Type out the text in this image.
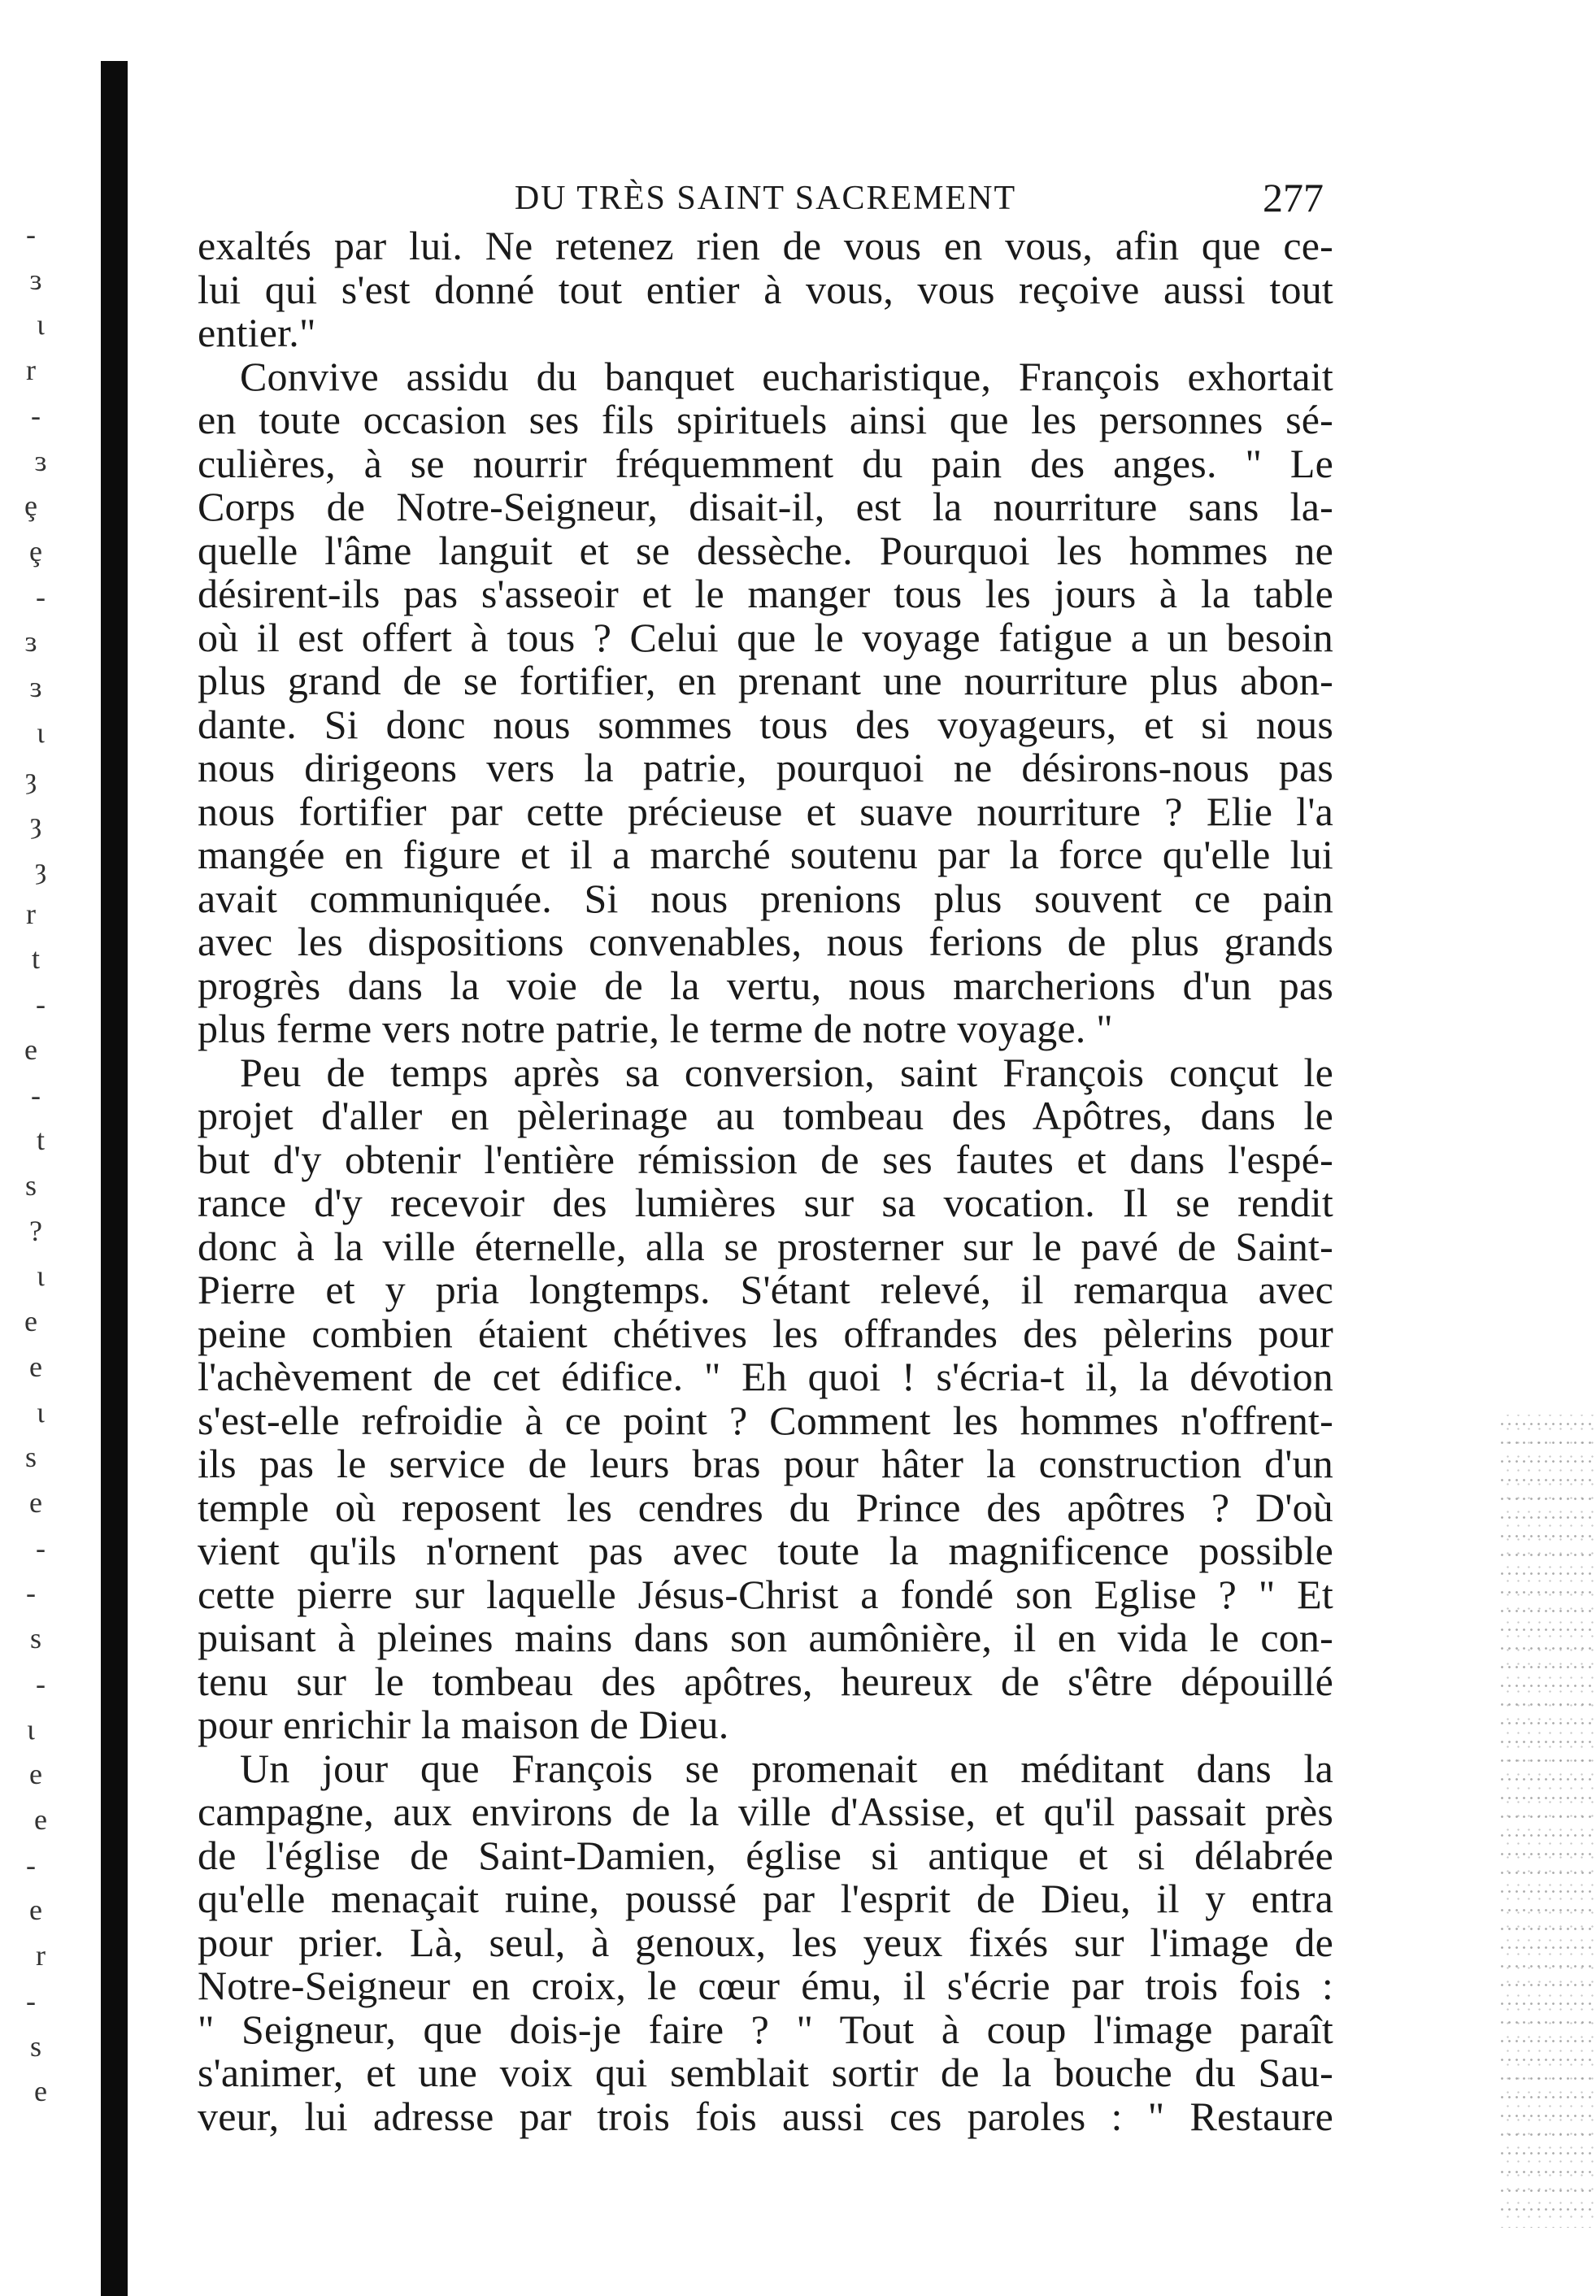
-
ɜ
ι
r
-
ɜ
ȩ
ȩ
-
ɜ
ɜ
ι
ȝ
ȝ
ȝ
r
t
-
e
-
t
s
?
ι
e
e
ι
s
e
-
-
s
-
ι
e
e
-
e
r
-
s
e
DU TRÈS SAINT SACREMENT	277
exaltés par lui. Ne retenez rien de vous en vous, afin que ce-
lui qui s'est donné tout entier à vous, vous reçoive aussi tout
entier."
Convive assidu du banquet eucharistique, François exhortait
en toute occasion ses fils spirituels ainsi que les personnes sé-
culières, à se nourrir fréquemment du pain des anges. " Le
Corps de Notre-Seigneur, disait-il, est la nourriture sans la-
quelle l'âme languit et se dessèche. Pourquoi les hommes ne
désirent-ils pas s'asseoir et le manger tous les jours à la table
où il est offert à tous ? Celui que le voyage fatigue a un besoin
plus grand de se fortifier, en prenant une nourriture plus abon-
dante. Si donc nous sommes tous des voyageurs, et si nous
nous dirigeons vers la patrie, pourquoi ne désirons-nous pas
nous fortifier par cette précieuse et suave nourriture ? Elie l'a
mangée en figure et il a marché soutenu par la force qu'elle lui
avait communiquée. Si nous prenions plus souvent ce pain
avec les dispositions convenables, nous ferions de plus grands
progrès dans la voie de la vertu, nous marcherions d'un pas
plus ferme vers notre patrie, le terme de notre voyage. "
Peu de temps après sa conversion, saint François conçut le
projet d'aller en pèlerinage au tombeau des Apôtres, dans le
but d'y obtenir l'entière rémission de ses fautes et dans l'espé-
rance d'y recevoir des lumières sur sa vocation. Il se rendit
donc à la ville éternelle, alla se prosterner sur le pavé de Saint-
Pierre et y pria longtemps. S'étant relevé, il remarqua avec
peine combien étaient chétives les offrandes des pèlerins pour
l'achèvement de cet édifice. " Eh quoi ! s'écria-t il, la dévotion
s'est-elle refroidie à ce point ? Comment les hommes n'offrent-
ils pas le service de leurs bras pour hâter la construction d'un
temple où reposent les cendres du Prince des apôtres ? D'où
vient qu'ils n'ornent pas avec toute la magnificence possible
cette pierre sur laquelle Jésus-Christ a fondé son Eglise ? " Et
puisant à pleines mains dans son aumônière, il en vida le con-
tenu sur le tombeau des apôtres, heureux de s'être dépouillé
pour enrichir la maison de Dieu.
Un jour que François se promenait en méditant dans la
campagne, aux environs de la ville d'Assise, et qu'il passait près
de l'église de Saint-Damien, église si antique et si délabrée
qu'elle menaçait ruine, poussé par l'esprit de Dieu, il y entra
pour prier. Là, seul, à genoux, les yeux fixés sur l'image de
Notre-Seigneur en croix, le cœur ému, il s'écrie par trois fois :
" Seigneur, que dois-je faire ? " Tout à coup l'image paraît
s'animer, et une voix qui semblait sortir de la bouche du Sau-
veur, lui adresse par trois fois aussi ces paroles : " Restaure
